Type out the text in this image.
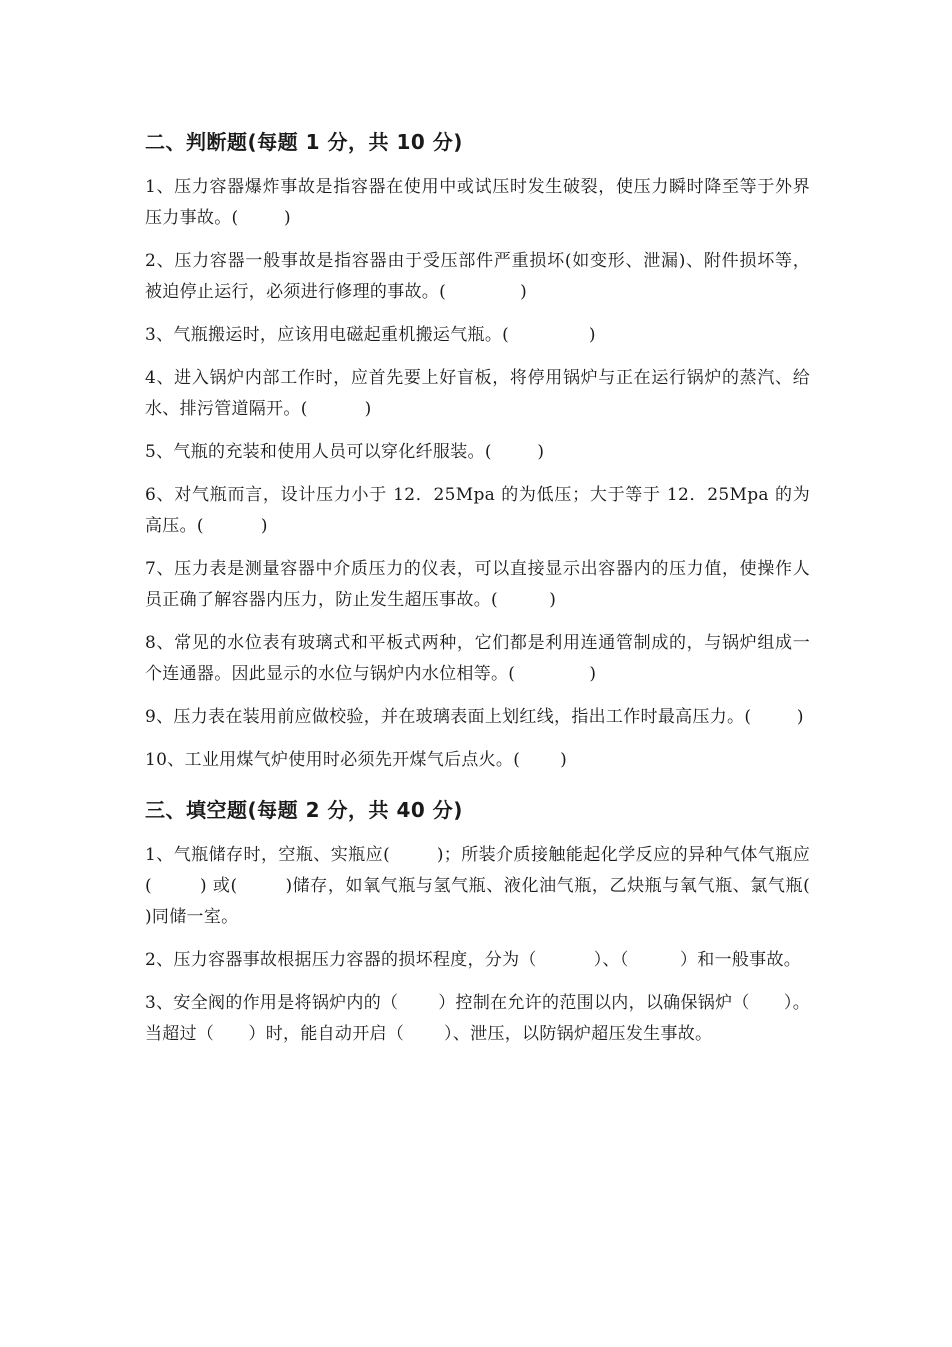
二、判断题(每题 1 分，共 10 分)
1、压力容器爆炸事故是指容器在使用中或试压时发生破裂，使压力瞬时降至等于外界压力事故。(        )
2、压力容器一般事故是指容器由于受压部件严重损坏(如变形、泄漏)、附件损坏等，被迫停止运行，必须进行修理的事故。(             )
3、气瓶搬运时，应该用电磁起重机搬运气瓶。(              )
4、进入锅炉内部工作时，应首先要上好盲板，将停用锅炉与正在运行锅炉的蒸汽、给水、排污管道隔开。(          )
5、气瓶的充装和使用人员可以穿化纤服装。(        )
6、对气瓶而言，设计压力小于 12．25Mpa 的为低压；大于等于 12．25Mpa 的为高压。(          )
7、压力表是测量容器中介质压力的仪表，可以直接显示出容器内的压力值，使操作人员正确了解容器内压力，防止发生超压事故。(         )
8、常见的水位表有玻璃式和平板式两种，它们都是利用连通管制成的，与锅炉组成一个连通器。因此显示的水位与锅炉内水位相等。(             )
9、压力表在装用前应做校验，并在玻璃表面上划红线，指出工作时最高压力。(        )
10、工业用煤气炉使用时必须先开煤气后点火。(       )
三、填空题(每题 2 分，共 40 分)
1、气瓶储存时，空瓶、实瓶应(        )；所装介质接触能起化学反应的异种气体气瓶应(        ) 或(        )储存，如氧气瓶与氢气瓶、液化油气瓶，乙炔瓶与氧气瓶、氯气瓶(        )同储一室。
2、压力容器事故根据压力容器的损坏程度，分为（          ）、（         ）和一般事故。
3、安全阀的作用是将锅炉内的（       ）控制在允许的范围以内，以确保锅炉（      ）。当超过（      ）时，能自动开启（       ）、泄压，以防锅炉超压发生事故。
